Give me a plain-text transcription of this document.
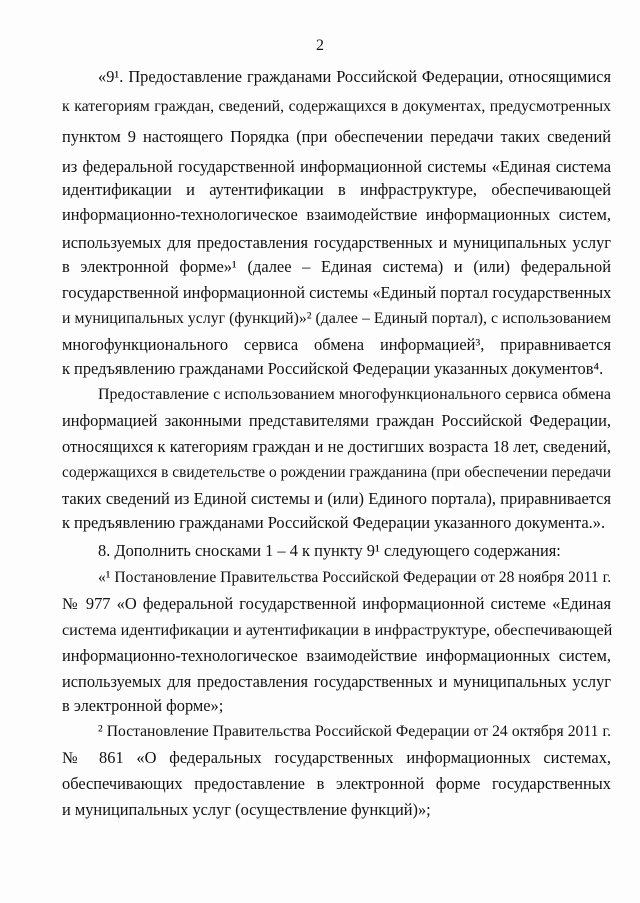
2
«9¹. Предоставление гражданами Российской Федерации, относящимися
к категориям граждан, сведений, содержащихся в документах, предусмотренных
пунктом 9 настоящего Порядка (при обеспечении передачи таких сведений
из федеральной государственной информационной системы «Единая система
идентификации и аутентификации в инфраструктуре, обеспечивающей
информационно-технологическое взаимодействие информационных систем,
используемых для предоставления государственных и муниципальных услуг
в электронной форме»¹ (далее – Единая система) и (или) федеральной
государственной информационной системы «Единый портал государственных
и муниципальных услуг (функций)»² (далее – Единый портал), с использованием
многофункционального сервиса обмена информацией³, приравнивается
к предъявлению гражданами Российской Федерации указанных документов⁴.
Предоставление с использованием многофункционального сервиса обмена
информацией законными представителями граждан Российской Федерации,
относящихся к категориям граждан и не достигших возраста 18 лет, сведений,
содержащихся в свидетельстве о рождении гражданина (при обеспечении передачи
таких сведений из Единой системы и (или) Единого портала), приравнивается
к предъявлению гражданами Российской Федерации указанного документа.».
8. Дополнить сносками 1 – 4 к пункту 9¹ следующего содержания:
«¹ Постановление Правительства Российской Федерации от 28 ноября 2011 г.
№ 977 «О федеральной государственной информационной системе «Единая
система идентификации и аутентификации в инфраструктуре, обеспечивающей
информационно-технологическое взаимодействие информационных систем,
используемых для предоставления государственных и муниципальных услуг
в электронной форме»;
² Постановление Правительства Российской Федерации от 24 октября 2011 г.
№ 861 «О федеральных государственных информационных системах,
обеспечивающих предоставление в электронной форме государственных
и муниципальных услуг (осуществление функций)»;
